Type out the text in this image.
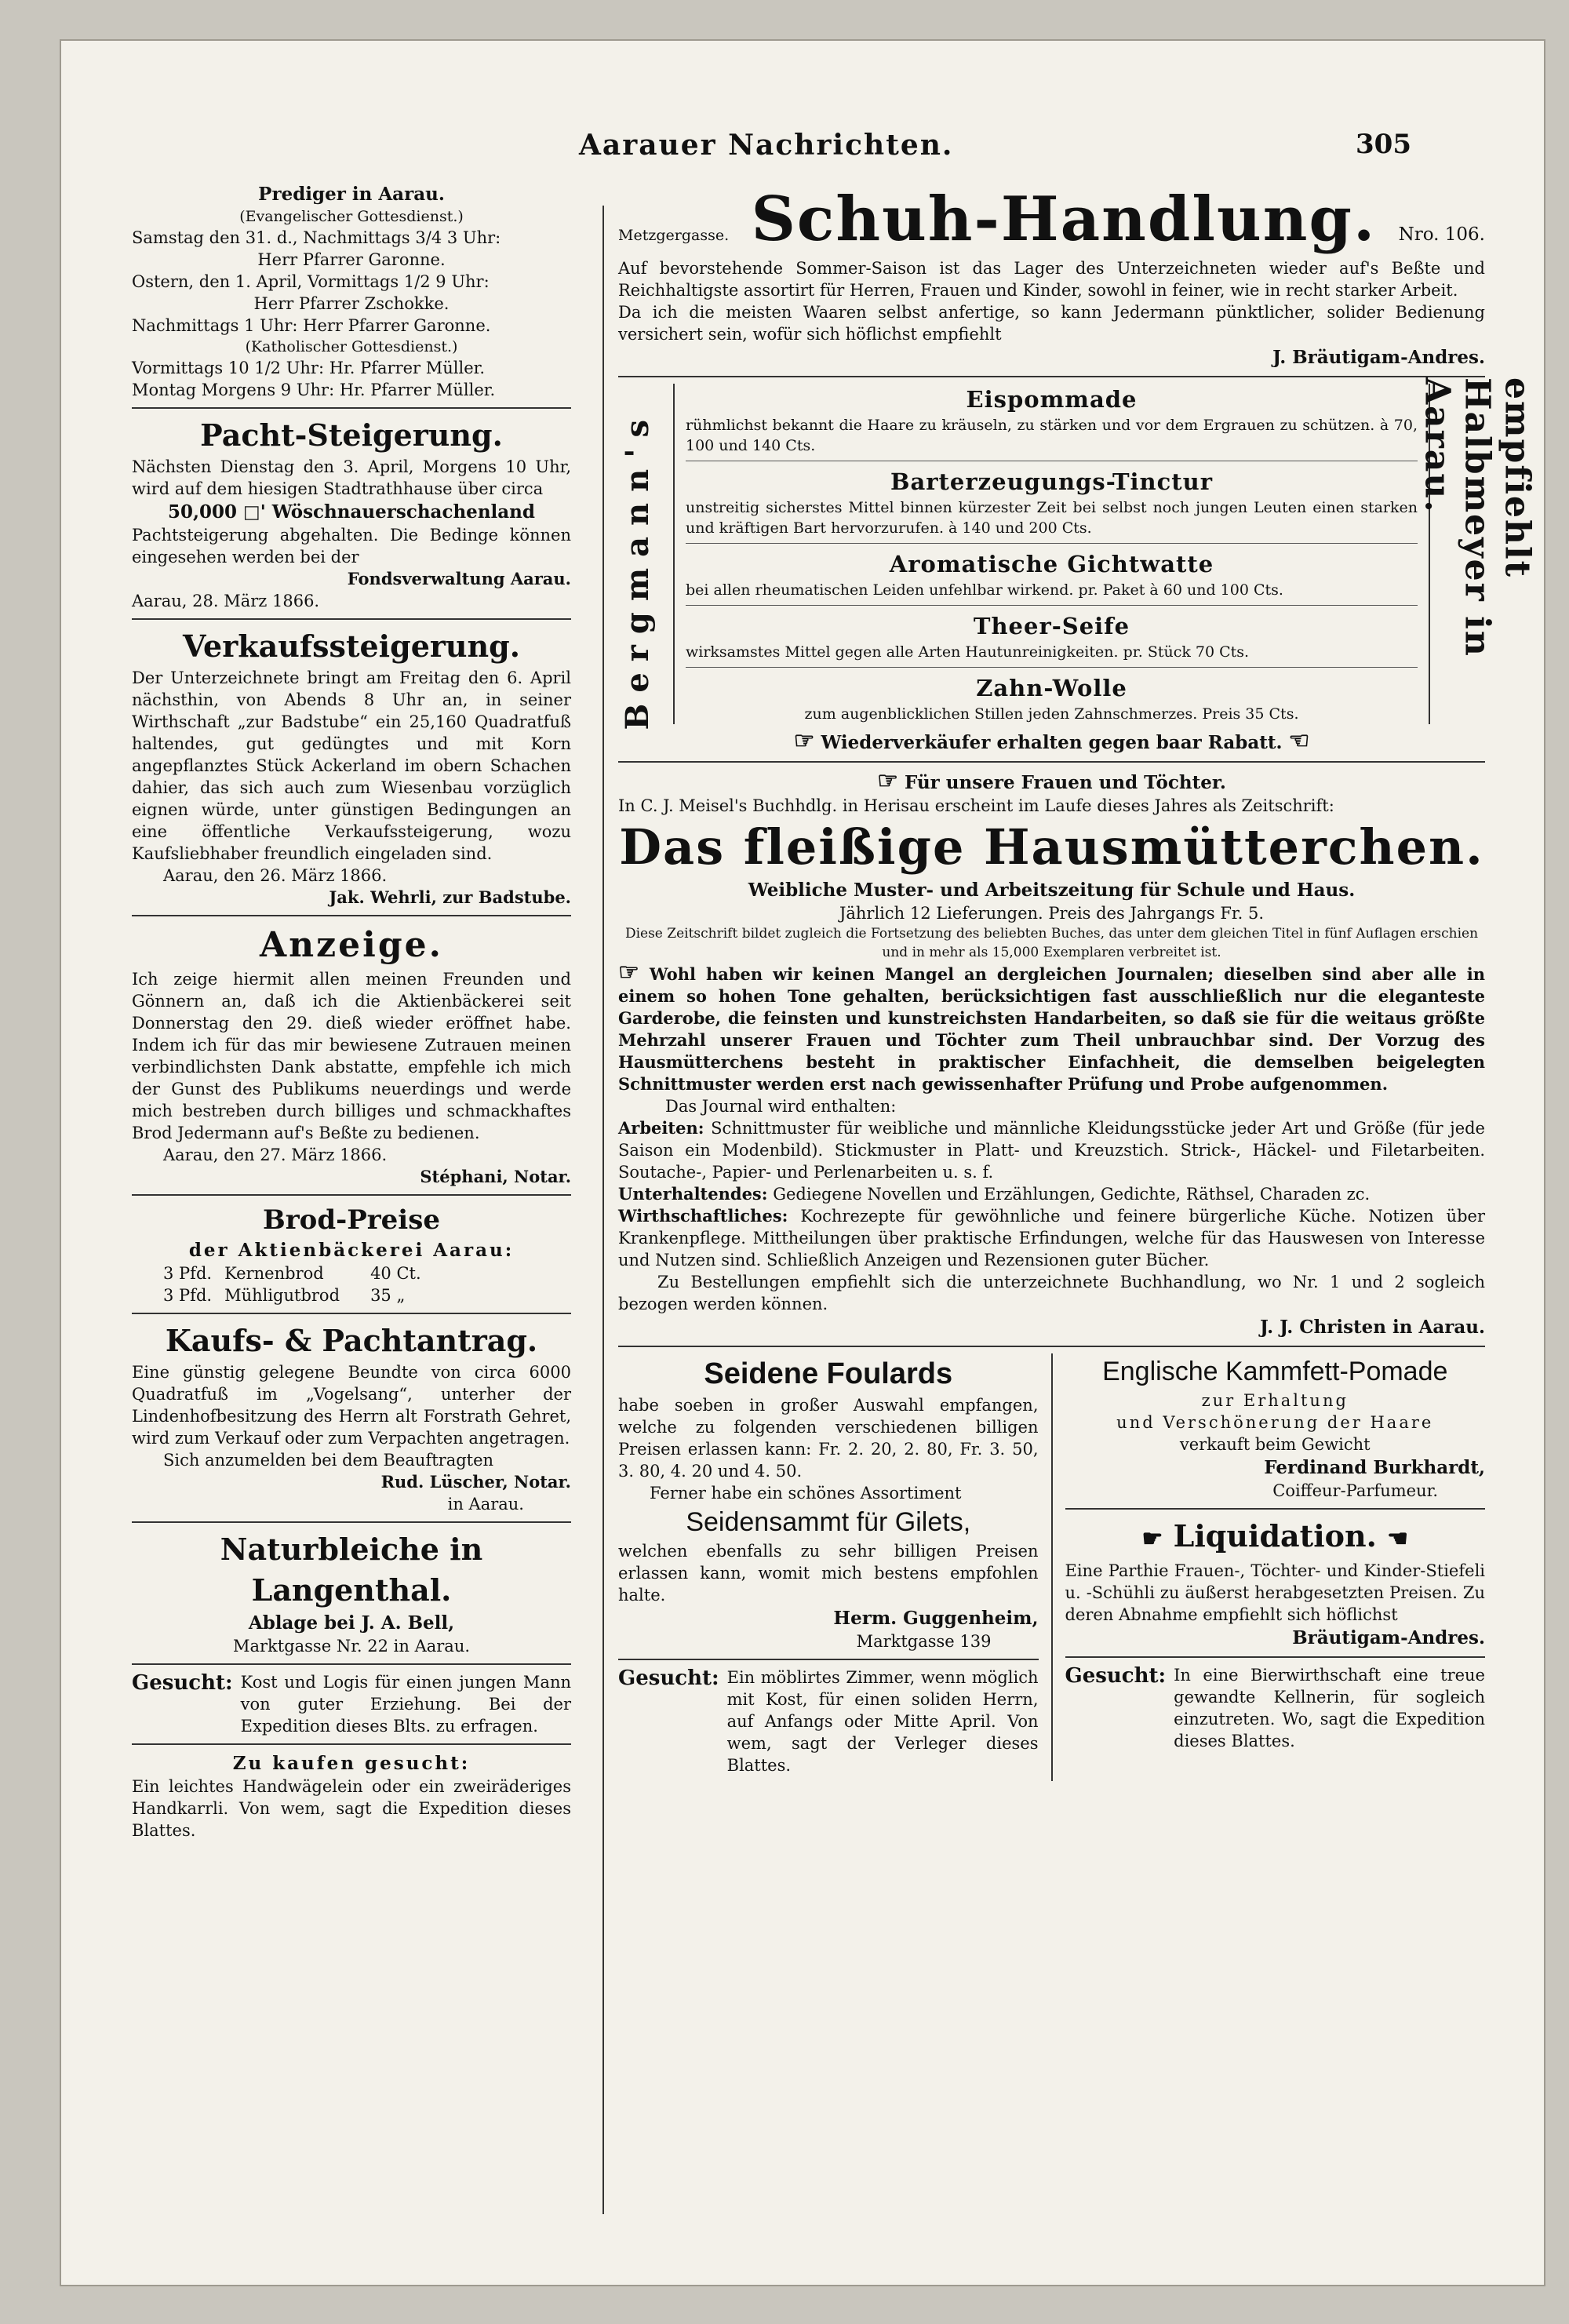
Aarauer Nachrichten.	305

Prediger in Aarau.

(Evangelischer Gottesdienst.)

Samstag den 31. d., Nachmittags 3/4 3 Uhr:

Herr Pfarrer Garonne.

Ostern, den 1. April, Vormittags 1/2 9 Uhr:

Herr Pfarrer Zschokke.

Nachmittags 1 Uhr: Herr Pfarrer Garonne.

(Katholischer Gottesdienst.)

Vormittags 10 1/2 Uhr: Hr. Pfarrer Müller.

Montag Morgens 9 Uhr: Hr. Pfarrer Müller.

Pacht-Steigerung.

Nächsten Dienstag den 3. April, Morgens 10 Uhr, wird auf dem hiesigen Stadtrathhause über circa

50,000 □' Wöschnauerschachenland

Pachtsteigerung abgehalten. Die Bedinge können eingesehen werden bei der

Fondsverwaltung Aarau.

Aarau, 28. März 1866.

Verkaufssteigerung.

Der Unterzeichnete bringt am Freitag den 6. April nächsthin, von Abends 8 Uhr an, in seiner Wirthschaft „zur Badstube“ ein 25,160 Quadratfuß haltendes, gut gedüngtes und mit Korn angepflanztes Stück Ackerland im obern Schachen dahier, das sich auch zum Wiesenbau vorzüglich eignen würde, unter günstigen Bedingungen an eine öffentliche Verkaufssteigerung, wozu Kaufsliebhaber freundlich eingeladen sind.

Aarau, den 26. März 1866.

Jak. Wehrli, zur Badstube.

Anzeige.

Ich zeige hiermit allen meinen Freunden und Gönnern an, daß ich die Aktienbäckerei seit Donnerstag den 29. dieß wieder eröffnet habe. Indem ich für das mir bewiesene Zutrauen meinen verbindlichsten Dank abstatte, empfehle ich mich der Gunst des Publikums neuerdings und werde mich bestreben durch billiges und schmackhaftes Brod Jedermann auf's Beßte zu bedienen.

Aarau, den 27. März 1866.

Stéphani, Notar.

Brod-Preise

der Aktienbäckerei Aarau:

3 Pfd. Kernenbrod	40 Ct.
3 Pfd. Mühligutbrod	35 „

Kaufs- & Pachtantrag.

Eine günstig gelegene Beundte von circa 6000 Quadratfuß im „Vogelsang“, unterher der Lindenhofbesitzung des Herrn alt Forstrath Gehret, wird zum Verkauf oder zum Verpachten angetragen.

Sich anzumelden bei dem Beauftragten

Rud. Lüscher, Notar.

in Aarau.

Naturbleiche in Langenthal.

Ablage bei J. A. Bell,

Marktgasse Nr. 22 in Aarau.

Gesucht: Kost und Logis für einen jungen Mann von guter Erziehung. Bei der Expedition dieses Blts. zu erfragen.

Zu kaufen gesucht:

Ein leichtes Handwägelein oder ein zweiräderiges Handkarrli. Von wem, sagt die Expedition dieses Blattes.

Metzgergasse. Schuh-Handlung. Nro. 106.

Auf bevorstehende Sommer-Saison ist das Lager des Unterzeichneten wieder auf's Beßte und Reichhaltigste assortirt für Herren, Frauen und Kinder, sowohl in feiner, wie in recht starker Arbeit.

Da ich die meisten Waaren selbst anfertige, so kann Jedermann pünktlicher, solider Bedienung versichert sein, wofür sich höflichst empfiehlt

J. Bräutigam-Andres.

Bergmann's	empfiehlt Halbmeyer in Aarau.

Eispommade

rühmlichst bekannt die Haare zu kräuseln, zu stärken und vor dem Ergrauen zu schützen. à 70, 100 und 140 Cts.

Barterzeugungs-Tinctur

unstreitig sicherstes Mittel binnen kürzester Zeit bei selbst noch jungen Leuten einen starken und kräftigen Bart hervorzurufen. à 140 und 200 Cts.

Aromatische Gichtwatte

bei allen rheumatischen Leiden unfehlbar wirkend. pr. Paket à 60 und 100 Cts.

Theer-Seife

wirksamstes Mittel gegen alle Arten Hautunreinigkeiten. pr. Stück 70 Cts.

Zahn-Wolle

zum augenblicklichen Stillen jeden Zahnschmerzes. Preis 35 Cts.

☞ Wiederverkäufer erhalten gegen baar Rabatt. ☜

☞ Für unsere Frauen und Töchter.

In C. J. Meisel's Buchhdlg. in Herisau erscheint im Laufe dieses Jahres als Zeitschrift:

Das fleißige Hausmütterchen.

Weibliche Muster- und Arbeitszeitung für Schule und Haus.

Jährlich 12 Lieferungen. Preis des Jahrgangs Fr. 5.

Diese Zeitschrift bildet zugleich die Fortsetzung des beliebten Buches, das unter dem gleichen Titel in fünf Auflagen erschien und in mehr als 15,000 Exemplaren verbreitet ist.

☞ Wohl haben wir keinen Mangel an dergleichen Journalen; dieselben sind aber alle in einem so hohen Tone gehalten, berücksichtigen fast ausschließlich nur die eleganteste Garderobe, die feinsten und kunstreichsten Handarbeiten, so daß sie für die weitaus größte Mehrzahl unserer Frauen und Töchter zum Theil unbrauchbar sind. Der Vorzug des Hausmütterchens besteht in praktischer Einfachheit, die demselben beigelegten Schnittmuster werden erst nach gewissenhafter Prüfung und Probe aufgenommen.

Das Journal wird enthalten:

Arbeiten: Schnittmuster für weibliche und männliche Kleidungsstücke jeder Art und Größe (für jede Saison ein Modenbild). Stickmuster in Platt- und Kreuzstich. Strick-, Häckel- und Filetarbeiten. Soutache-, Papier- und Perlenarbeiten u. s. f.

Unterhaltendes: Gediegene Novellen und Erzählungen, Gedichte, Räthsel, Charaden zc.

Wirthschaftliches: Kochrezepte für gewöhnliche und feinere bürgerliche Küche. Notizen über Krankenpflege. Mittheilungen über praktische Erfindungen, welche für das Hauswesen von Interesse und Nutzen sind. Schließlich Anzeigen und Rezensionen guter Bücher.

Zu Bestellungen empfiehlt sich die unterzeichnete Buchhandlung, wo Nr. 1 und 2 sogleich bezogen werden können.

J. J. Christen in Aarau.

Seidene Foulards

habe soeben in großer Auswahl empfangen, welche zu folgenden verschiedenen billigen Preisen erlassen kann: Fr. 2. 20, 2. 80, Fr. 3. 50, 3. 80, 4. 20 und 4. 50.

Ferner habe ein schönes Assortiment

Seidensammt für Gilets,

welchen ebenfalls zu sehr billigen Preisen erlassen kann, womit mich bestens empfohlen halte.

Herm. Guggenheim,

Marktgasse 139

Gesucht: Ein möblirtes Zimmer, wenn möglich mit Kost, für einen soliden Herrn, auf Anfangs oder Mitte April. Von wem, sagt der Verleger dieses Blattes.

Englische Kammfett-Pomade

zur Erhaltung

und Verschönerung der Haare

verkauft beim Gewicht

Ferdinand Burkhardt,

Coiffeur-Parfumeur.

☛ Liquidation. ☚

Eine Parthie Frauen-, Töchter- und Kinder-Stiefeli u. -Schühli zu äußerst herabgesetzten Preisen. Zu deren Abnahme empfiehlt sich höflichst

Bräutigam-Andres.

Gesucht: In eine Bierwirthschaft eine treue gewandte Kellnerin, für sogleich einzutreten. Wo, sagt die Expedition dieses Blattes.
